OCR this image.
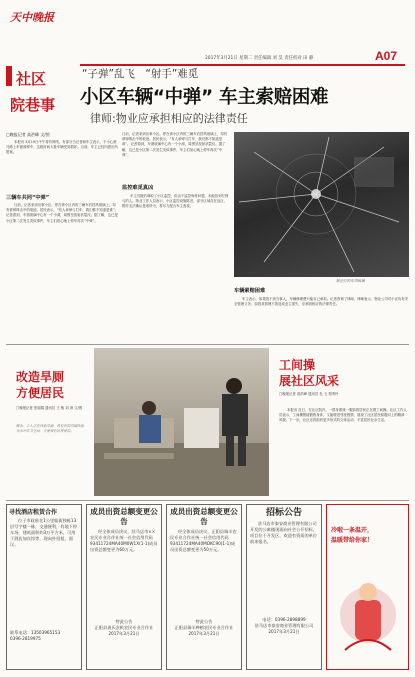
天中晚报
2017年3月21日 星期二 责任编辑 刘 昊 责任校对 田 静	A07
社区
院巷事
“子弹”乱飞　“射手”难觅
小区车辆“中弹” 车主索赔困难
律师:物业应承担相应的法律责任
□晚报记者 高洪峰 文/图
本报讯 3月19日中午将有网络，有部分当记者和车主表示，不小心被马路上车窗被弹中，这段时间大批车辆受到损坏。目前，车主已经向派出所报案。
三辆车共同“中弹”
日前，记者来到出事小区。停在该小区内的三辆车后挡风玻璃上，均有被弹珠击中的痕迹。居民表示，“有人拿弹弓打车，我们都不知道是谁”。记者看到，车窗玻璃中心有一个小洞，周围呈放射状裂纹。据了解，这已是小区第二次发生类似事件，车主们担心晚上停车再次“中弹”。
日前，记者来到出事小区。停在该小区内的三辆车后挡风玻璃上，均有被弹珠击中的痕迹。居民表示，“有人拿弹弓打车，我们都不知道是谁”。记者看到，车窗玻璃中心有一个小洞，周围呈放射状裂纹。据了解，这已是小区第二次发生类似事件，车主们担心晚上停车再次“中弹”。
监控难觅真凶
车主们随后调取了小区监控，但由于监控角度问题，未能拍到打弹弓的人。物业工作人员表示，小区监控设施陈旧，部分区域存在盲区，暂时无法确认是谁所为，将尽力配合车主查找。
被击打的车窗玻璃
车辆索赔困难
车主表示，如果找不到当事人，车辆修理费只能自己承担。记者咨询了律师，律师表示，物业公司对小区负有安全管理义务，如因其管理不善造成业主损失，应承担相应的法律责任。
改造旱厕
方便居民
□晚报记者 张丽娟 通讯员 王 敏 刘 涛 文/图
图为：工人正在改造旱厕，将原有的旱厕改造为水冲式卫生间，方便周边居民使用。
工间操
展社区风采
□晚报记者 高洪峰 通讯员 杜 飞 郑秀玲
本报讯 近日，在社区院内，一群身着统一服装的居民正在做工间操。社区工作人员表示，工间操既能锻炼身体，又能增进邻里感情，展现了社区居民积极向上的精神风貌。下一步，社区还将组织更多形式的文体活动，丰富居民业余生活。
寻找酒店租赁合作
位于市政府北1公里临街独栋13层写字楼一栋，交通便利，有地下停车场，建筑面积约3万平方米，可用于酒店加宾馆等，现向外招租，面议。
联系电话：13503965153
0396-2819975
成员出资总额变更公告
经全体成员决议，驻马店市××农民专业合作社统一社会信用代码93411724MA40M0W1X(1-1)成员出资总额变更为60万元。
特此公告
正阳县逍氏农机农民专业合作社
2017年3月21日
成员出资总额变更公告
经全体成员决议，正阳县瑞丰农民专业合作社统一社会信用代码93411724MA40MOKC90(1-1)成员出资总额变更为50万元。
特此公告
正阳县瑞丰种植农民专业合作社
2017年3月21日
招标公告
驻马店市泰安商业管理有限公司开发的公寓楼现面向社会公开招标，项目位于开发区，欢迎有资质的单位前来报名。
电话：0396-2898899
驻马店市泰安商业管理有限公司
2017年3月21日
冷啦一条温开，
温暖带给你家！
